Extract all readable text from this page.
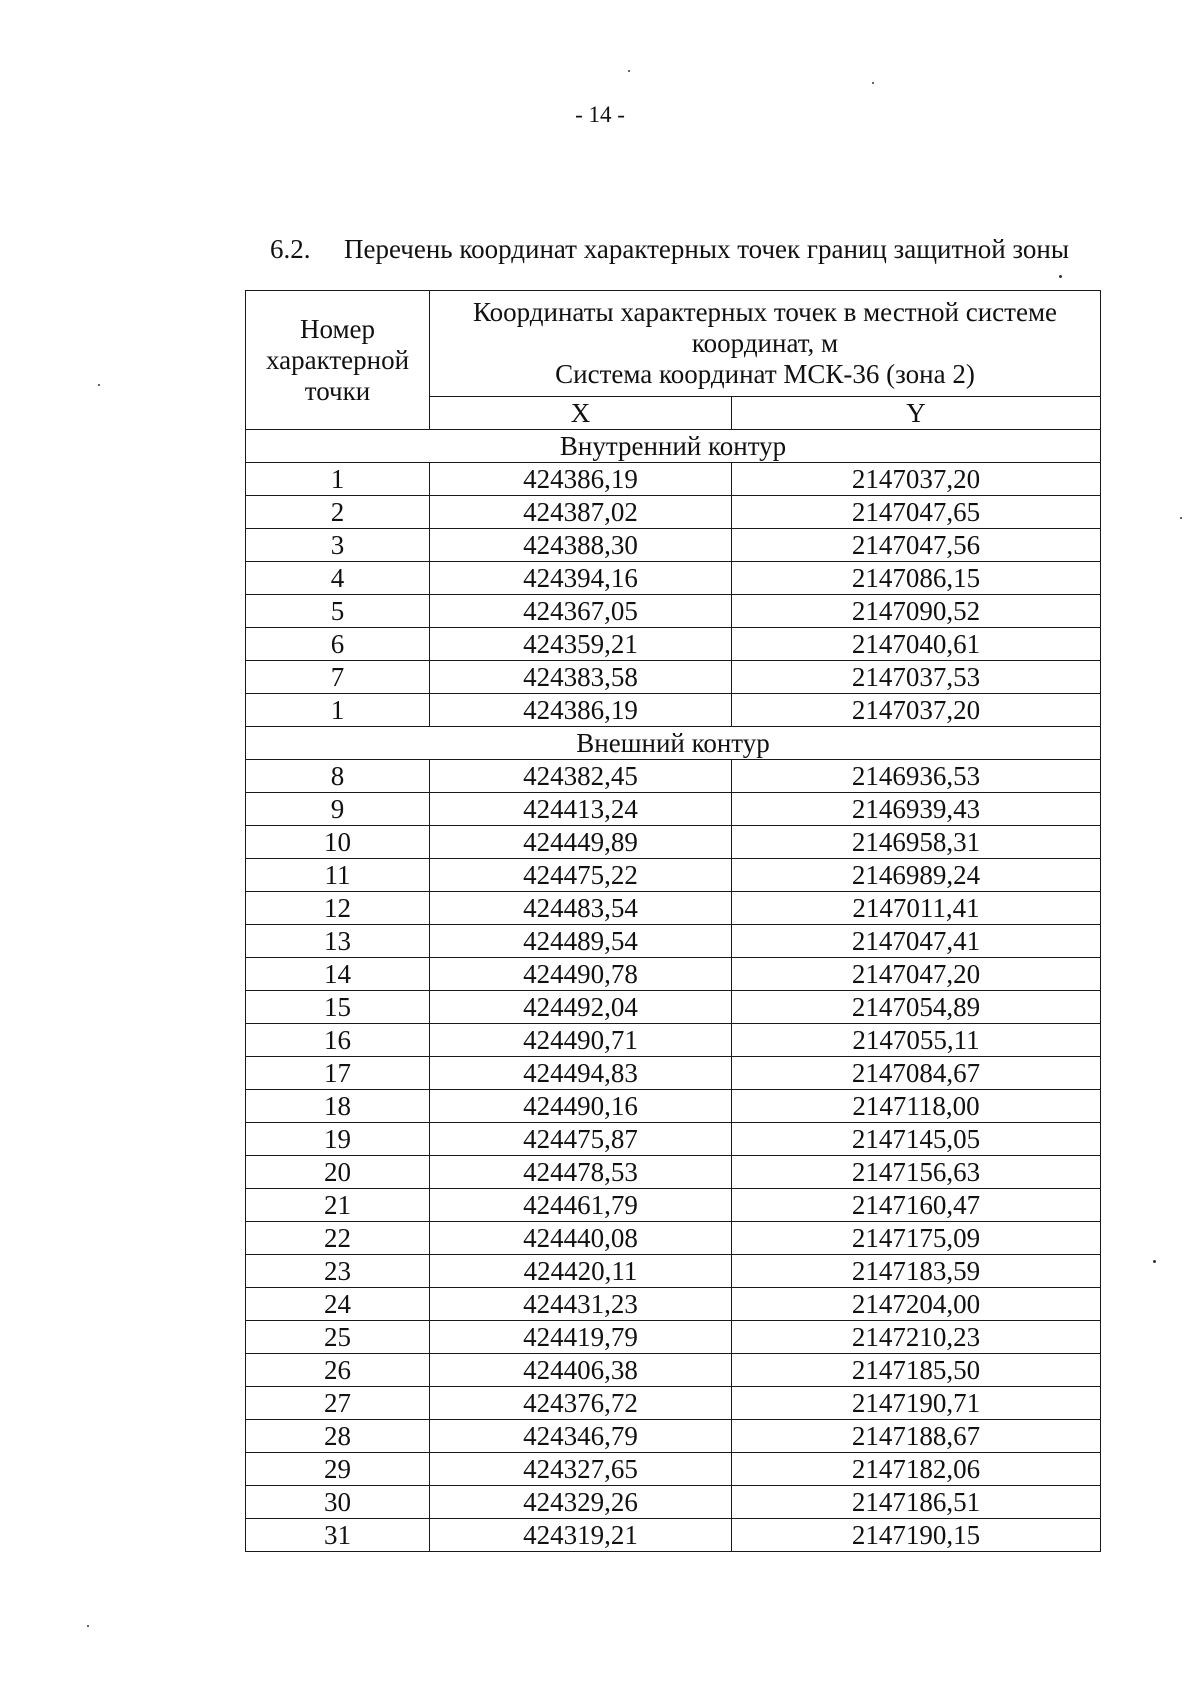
- 14 -
6.2. Перечень координат характерных точек границ защитной зоны
Номер характерной точки	Координаты характерных точек в местной системе координат, м
Система координат МСК-36 (зона 2)	

	X	Y
Внутренний контур		
1	424386,19	2147037,20
2	424387,02	2147047,65
3	424388,30	2147047,56
4	424394,16	2147086,15
5	424367,05	2147090,52
6	424359,21	2147040,61
7	424383,58	2147037,53
1	424386,19	2147037,20
Внешний контур		
8	424382,45	2146936,53
9	424413,24	2146939,43
10	424449,89	2146958,31
11	424475,22	2146989,24
12	424483,54	2147011,41
13	424489,54	2147047,41
14	424490,78	2147047,20
15	424492,04	2147054,89
16	424490,71	2147055,11
17	424494,83	2147084,67
18	424490,16	2147118,00
19	424475,87	2147145,05
20	424478,53	2147156,63
21	424461,79	2147160,47
22	424440,08	2147175,09
23	424420,11	2147183,59
24	424431,23	2147204,00
25	424419,79	2147210,23
26	424406,38	2147185,50
27	424376,72	2147190,71
28	424346,79	2147188,67
29	424327,65	2147182,06
30	424329,26	2147186,51
31	424319,21	2147190,15
